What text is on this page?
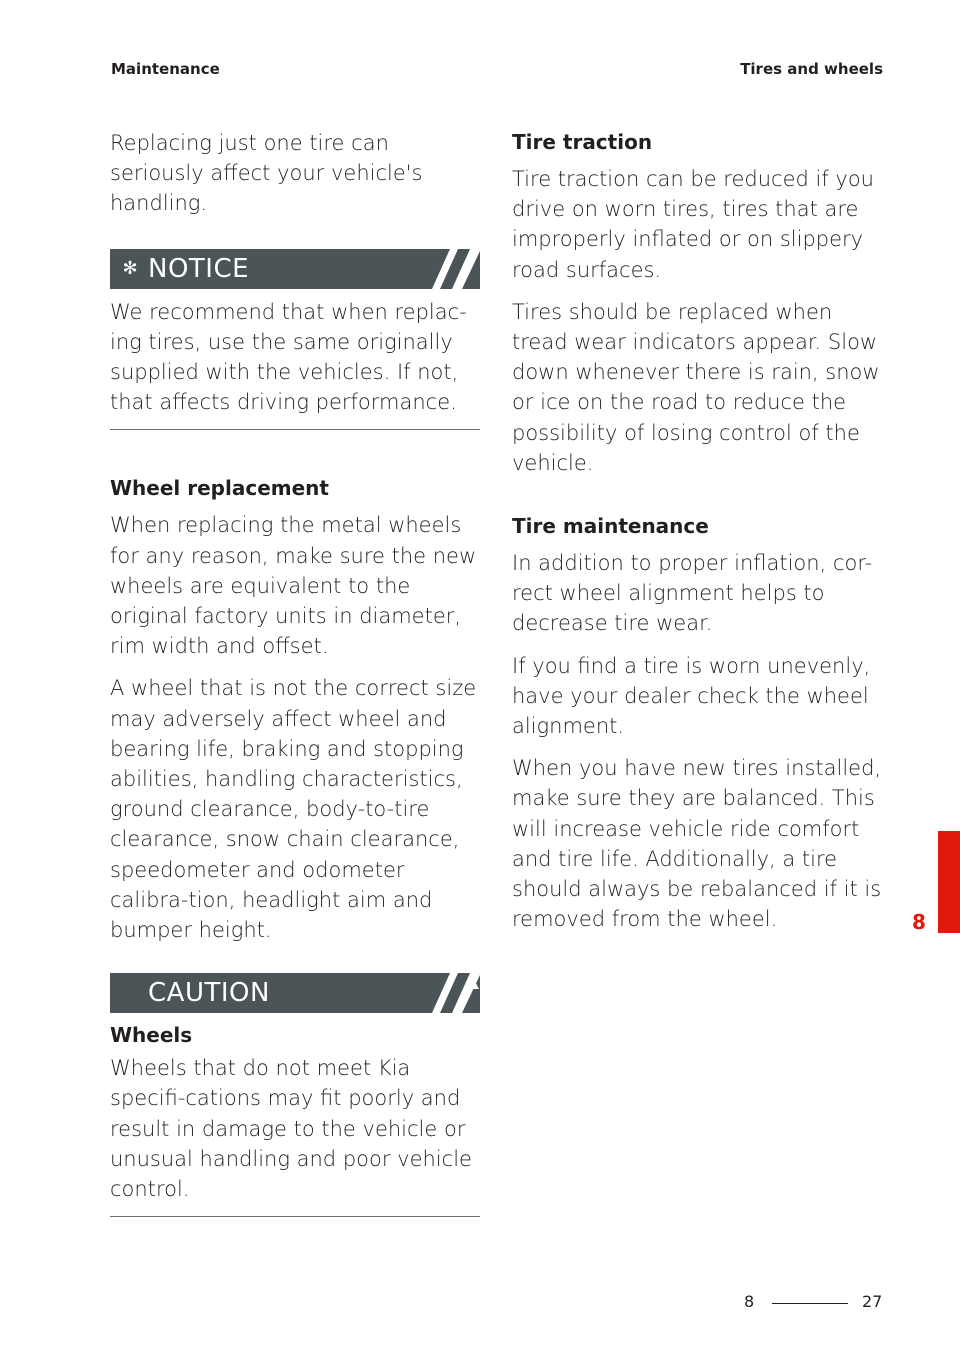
Maintenance	Tires and wheels

Replacing just one tire can seriously affect your vehicle's handling.

✻ NOTICE

We recommend that when replac-ing tires, use the same originally supplied with the vehicles. If not, that affects driving performance.

Wheel replacement

When replacing the metal wheels for any reason, make sure the new wheels are equivalent to the original factory units in diameter, rim width and offset.

A wheel that is not the correct size may adversely affect wheel and bearing life, braking and stopping abilities, handling characteristics, ground clearance, body-to-tire clearance, snow chain clearance, speedometer and odometer calibra-tion, headlight aim and bumper height.

CAUTION
Wheels

Wheels that do not meet Kia specifi-cations may fit poorly and result in damage to the vehicle or unusual handling and poor vehicle control.

Tire traction

Tire traction can be reduced if you drive on worn tires, tires that are improperly inflated or on slippery road surfaces.

Tires should be replaced when tread wear indicators appear. Slow down whenever there is rain, snow or ice on the road to reduce the possibility of losing control of the vehicle.

Tire maintenance

In addition to proper inflation, cor-rect wheel alignment helps to decrease tire wear.

If you find a tire is worn unevenly, have your dealer check the wheel alignment.

When you have new tires installed, make sure they are balanced. This will increase vehicle ride comfort and tire life. Additionally, a tire should always be rebalanced if it is removed from the wheel.	8
8	27
